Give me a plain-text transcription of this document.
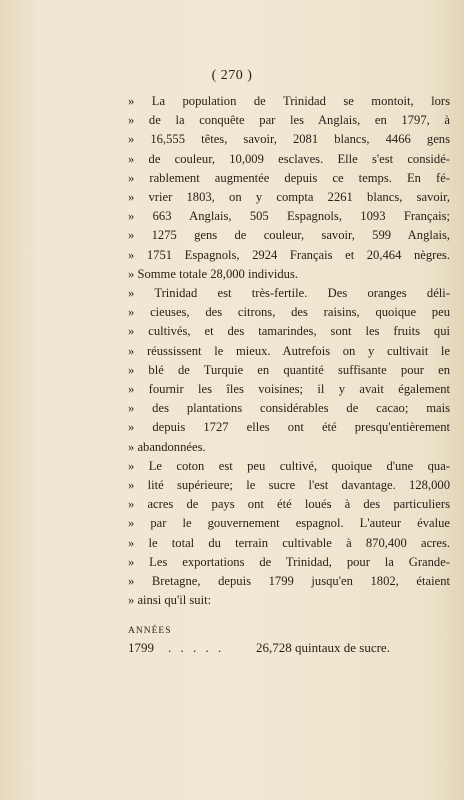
( 270 )
» La population de Trinidad se montoit, lors
» de la conquête par les Anglais, en 1797, à
» 16,555 têtes, savoir, 2081 blancs, 4466 gens
» de couleur, 10,009 esclaves. Elle s'est considé-
» rablement augmentée depuis ce temps. En fé-
» vrier 1803, on y compta 2261 blancs, savoir,
» 663 Anglais, 505 Espagnols, 1093 Français;
» 1275 gens de couleur, savoir, 599 Anglais,
» 1751 Espagnols, 2924 Français et 20,464 nègres.
» Somme totale 28,000 individus.
» Trinidad est très-fertile. Des oranges déli-
» cieuses, des citrons, des raisins, quoique peu
» cultivés, et des tamarindes, sont les fruits qui
» réussissent le mieux. Autrefois on y cultivait le
» blé de Turquie en quantité suffisante pour en
» fournir les îles voisines; il y avait également
» des plantations considérables de cacao; mais
» depuis 1727 elles ont été presqu'entièrement
» abandonnées.
» Le coton est peu cultivé, quoique d'une qua-
» lité supérieure; le sucre l'est davantage. 128,000
» acres de pays ont été loués à des particuliers
» par le gouvernement espagnol. L'auteur évalue
» le total du terrain cultivable à 870,400 acres.
» Les exportations de Trinidad, pour la Grande-
» Bretagne, depuis 1799 jusqu'en 1802, étaient
» ainsi qu'il suit:
ANNÉES
1799 . . . . . 26,728 quintaux de sucre.
